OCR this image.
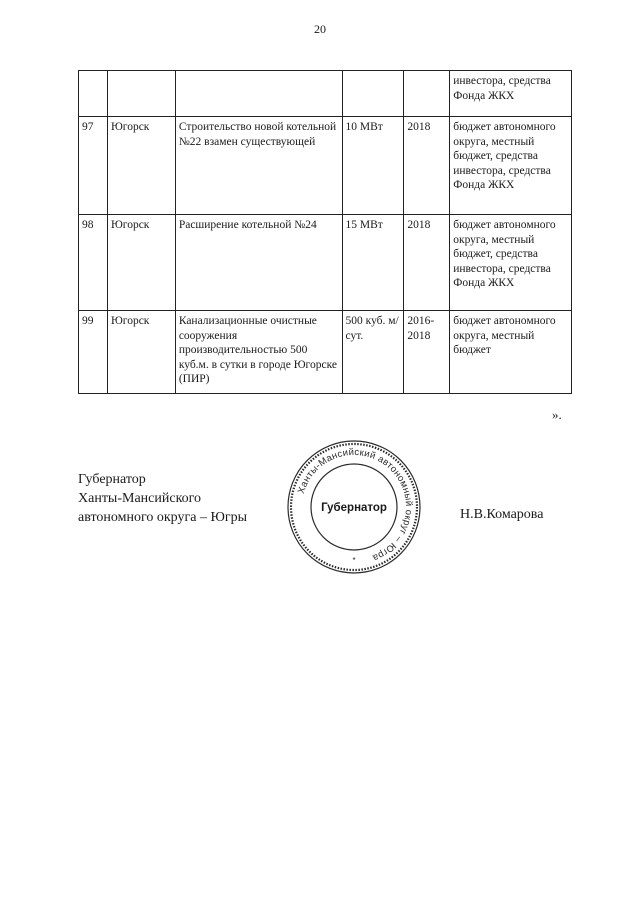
20
					инвестора, средства Фонда ЖКХ
97	Югорск	Строительство новой котельной №22 взамен существующей	10 МВт	2018	бюджет автономного округа, местный бюджет, средства инвестора, средства Фонда ЖКХ
98	Югорск	Расширение котельной №24	15 МВт	2018	бюджет автономного округа, местный бюджет, средства инвестора, средства Фонда ЖКХ
99	Югорск	Канализационные очистные сооружения производительностью 500 куб.м. в сутки в городе Югорске (ПИР)	500 куб. м/сут.	2016-2018	бюджет автономного округа, местный бюджет
».
Губернатор
Ханты-Мансийского
автономного округа – Югры
Ханты-Мансийский автономный округ – Югра
Губернатор
*
Н.В.Комарова
